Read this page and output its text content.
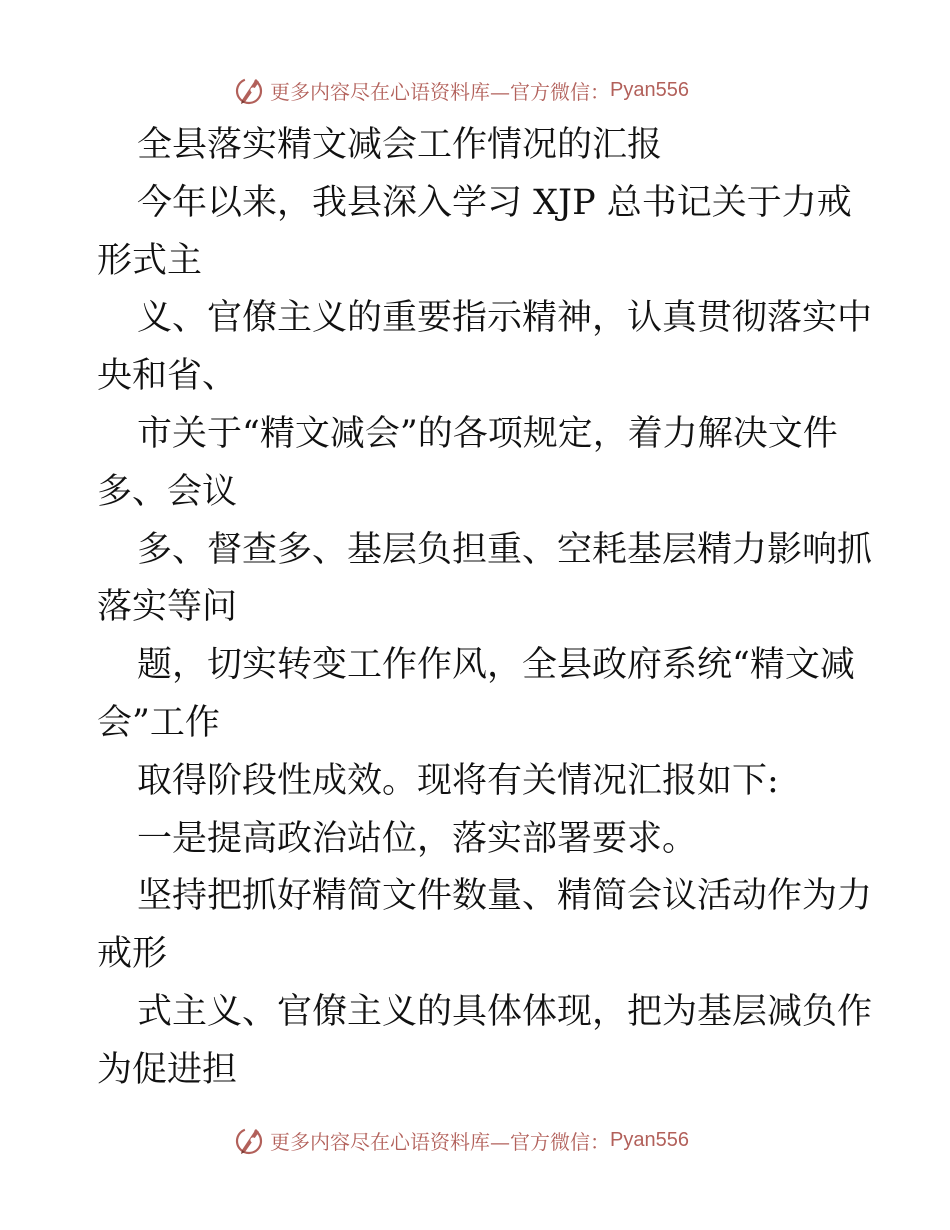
更多内容尽在心语资料库—官方微信： Pyan556
全县落实精文减会工作情况的汇报
今年以来，我县深入学习 XJP 总书记关于力戒
形式主
义、官僚主义的重要指示精神，认真贯彻落实中
央和省、
市关于“精文减会”的各项规定，着力解决文件
多、会议
多、督查多、基层负担重、空耗基层精力影响抓
落实等问
题，切实转变工作作风，全县政府系统“精文减
会”工作
取得阶段性成效。现将有关情况汇报如下:
一是提高政治站位，落实部署要求。
坚持把抓好精简文件数量、精简会议活动作为力
戒形
式主义、官僚主义的具体体现，把为基层减负作
为促进担
更多内容尽在心语资料库—官方微信： Pyan556
